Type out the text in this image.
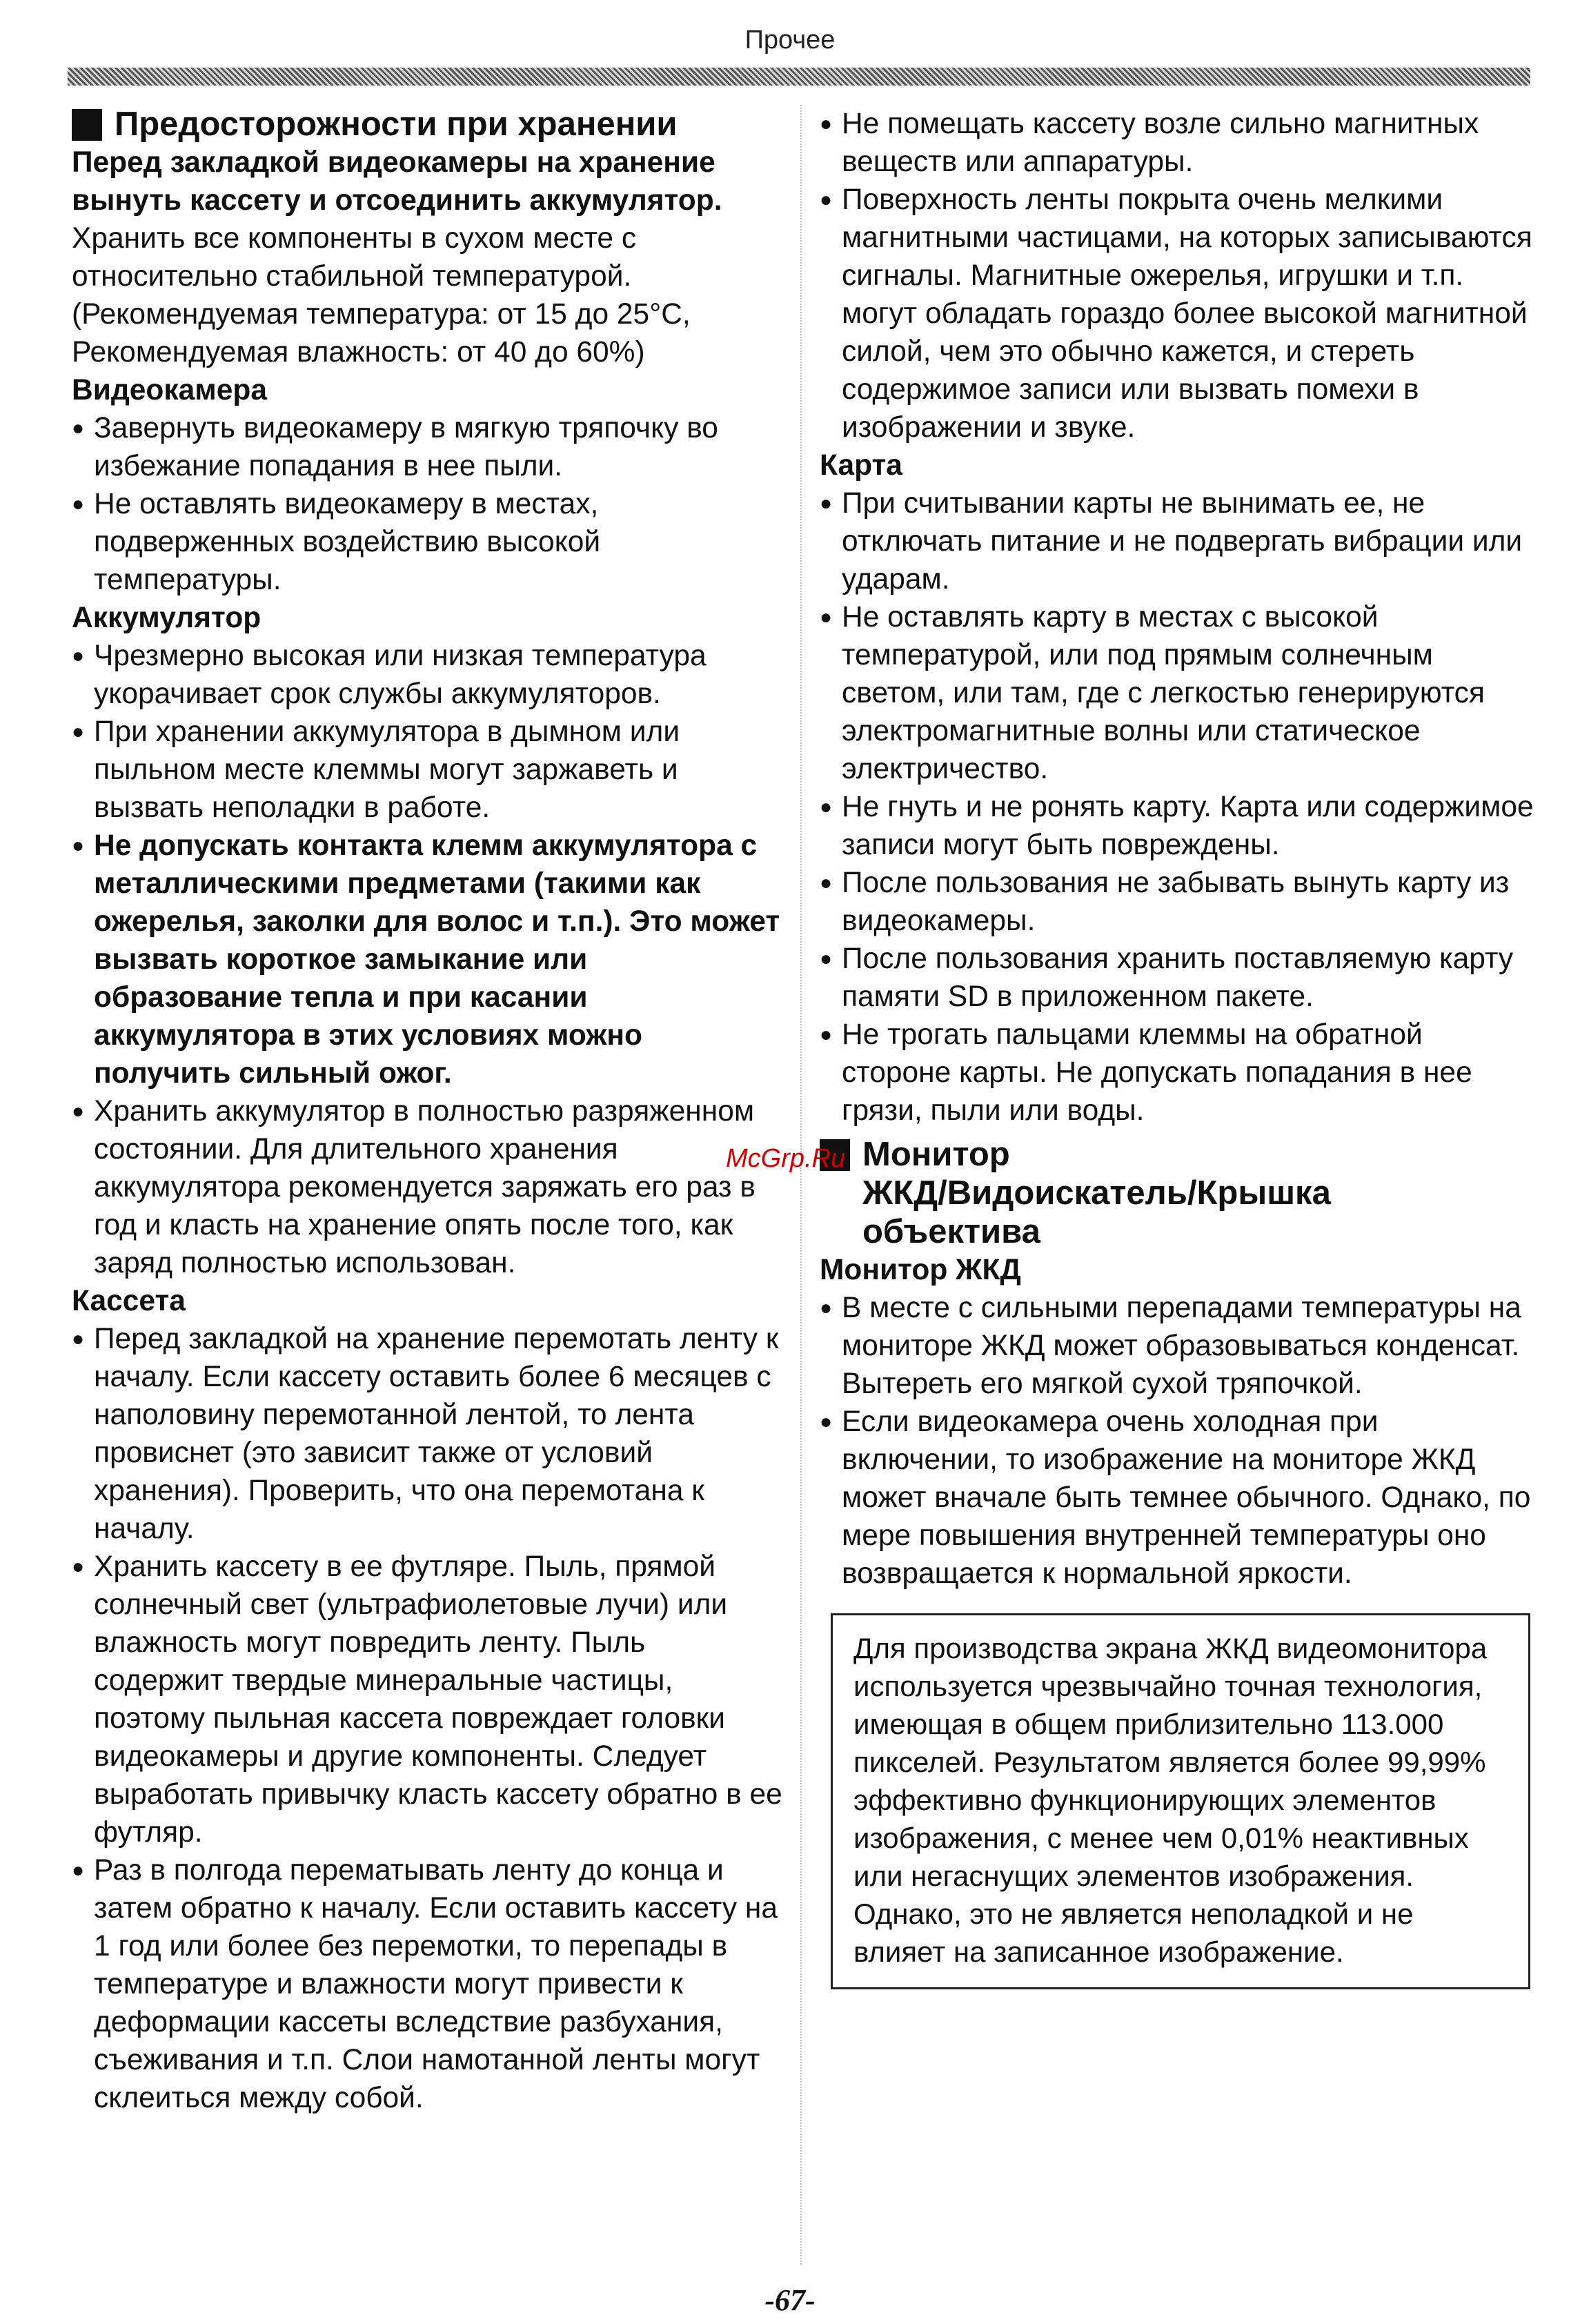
Прочее
Предосторожности при хранении
Перед закладкой видеокамеры на хранение вынуть кассету и отсоединить аккумулятор.
Хранить все компоненты в сухом месте с относительно стабильной температурой. (Рекомендуемая температура: от 15 до 25°С, Рекомендуемая влажность: от 40 до 60%)
Видеокамера
● Завернуть видеокамеру в мягкую тряпочку во избежание попадания в нее пыли.
● Не оставлять видеокамеру в местах, подверженных воздействию высокой температуры.
Аккумулятор
● Чрезмерно высокая или низкая температура укорачивает срок службы аккумуляторов.
● При хранении аккумулятора в дымном или пыльном месте клеммы могут заржаветь и вызвать неполадки в работе.
● Не допускать контакта клемм аккумулятора с металлическими предметами (такими как ожерелья, заколки для волос и т.п.). Это может вызвать короткое замыкание или образование тепла и при касании аккумулятора в этих условиях можно получить сильный ожог.
● Хранить аккумулятор в полностью разряженном состоянии. Для длительного хранения аккумулятора рекомендуется заряжать его раз в год и класть на хранение опять после того, как заряд полностью использован.
Кассета
● Перед закладкой на хранение перемотать ленту к началу. Если кассету оставить более 6 месяцев с наполовину перемотанной лентой, то лента провиснет (это зависит также от условий хранения). Проверить, что она перемотана к началу.
● Хранить кассету в ее футляре. Пыль, прямой солнечный свет (ультрафиолетовые лучи) или влажность могут повредить ленту. Пыль содержит твердые минеральные частицы, поэтому пыльная кассета повреждает головки видеокамеры и другие компоненты. Следует выработать привычку класть кассету обратно в ее футляр.
● Раз в полгода перематывать ленту до конца и затем обратно к началу. Если оставить кассету на 1 год или более без перемотки, то перепады в температуре и влажности могут привести к деформации кассеты вследствие разбухания, съеживания и т.п. Слои намотанной ленты могут склеиться между собой.
● Не помещать кассету возле сильно магнитных веществ или аппаратуры.
● Поверхность ленты покрыта очень мелкими магнитными частицами, на которых записываются сигналы. Магнитные ожерелья, игрушки и т.п. могут обладать гораздо более высокой магнитной силой, чем это обычно кажется, и стереть содержимое записи или вызвать помехи в изображении и звуке.
Карта
● При считывании карты не вынимать ее, не отключать питание и не подвергать вибрации или ударам.
● Не оставлять карту в местах с высокой температурой, или под прямым солнечным светом, или там, где с легкостью генерируются электромагнитные волны или статическое электричество.
● Не гнуть и не ронять карту. Карта или содержимое записи могут быть повреждены.
● После пользования не забывать вынуть карту из видеокамеры.
● После пользования хранить поставляемую карту памяти SD в приложенном пакете.
● Не трогать пальцами клеммы на обратной стороне карты. Не допускать попадания в нее грязи, пыли или воды.
Монитор
ЖКД/Видоискатель/Крышка
объектива
Монитор ЖКД
● В месте с сильными перепадами температуры на мониторе ЖКД может образовываться конденсат. Вытереть его мягкой сухой тряпочкой.
● Если видеокамера очень холодная при включении, то изображение на мониторе ЖКД может вначале быть темнее обычного. Однако, по мере повышения внутренней температуры оно возвращается к нормальной яркости.
Для производства экрана ЖКД видеомонитора используется чрезвычайно точная технология, имеющая в общем приблизительно 113.000 пикселей. Результатом является более 99,99% эффективно функционирующих элементов изображения, с менее чем 0,01% неактивных или негаснущих элементов изображения. Однако, это не является неполадкой и не влияет на записанное изображение.
McGrp.Ru
-67-
